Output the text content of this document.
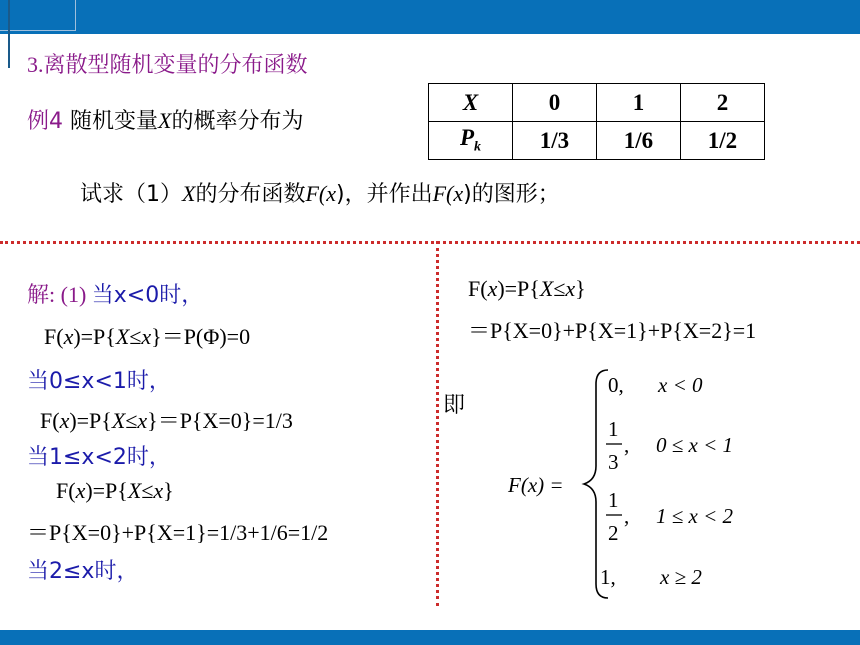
3.离散型随机变量的分布函数
例4 随机变量X的概率分布为
X	0	1	2
$P_k$	1/3	1/6	1/2
试求（1）X的分布函数F(x)，并作出F(x)的图形；
解: (1) 当x<0时，
F(x)=P{X≤x}＝P(Φ)=0
当0≤x<1时，
F(x)=P{X≤x}＝P{X=0}=1/3
当1≤x<2时，
F(x)=P{X≤x}
＝P{X=0}+P{X=1}=1/3+1/6=1/2
当2≤x时，
F(x)=P{X≤x}
＝P{X=0}+P{X=1}+P{X=2}=1
即
F(x) =
0, x < 0
1
3
, 0 ≤ x < 1
1
2
, 1 ≤ x < 2
1, x ≥ 2
